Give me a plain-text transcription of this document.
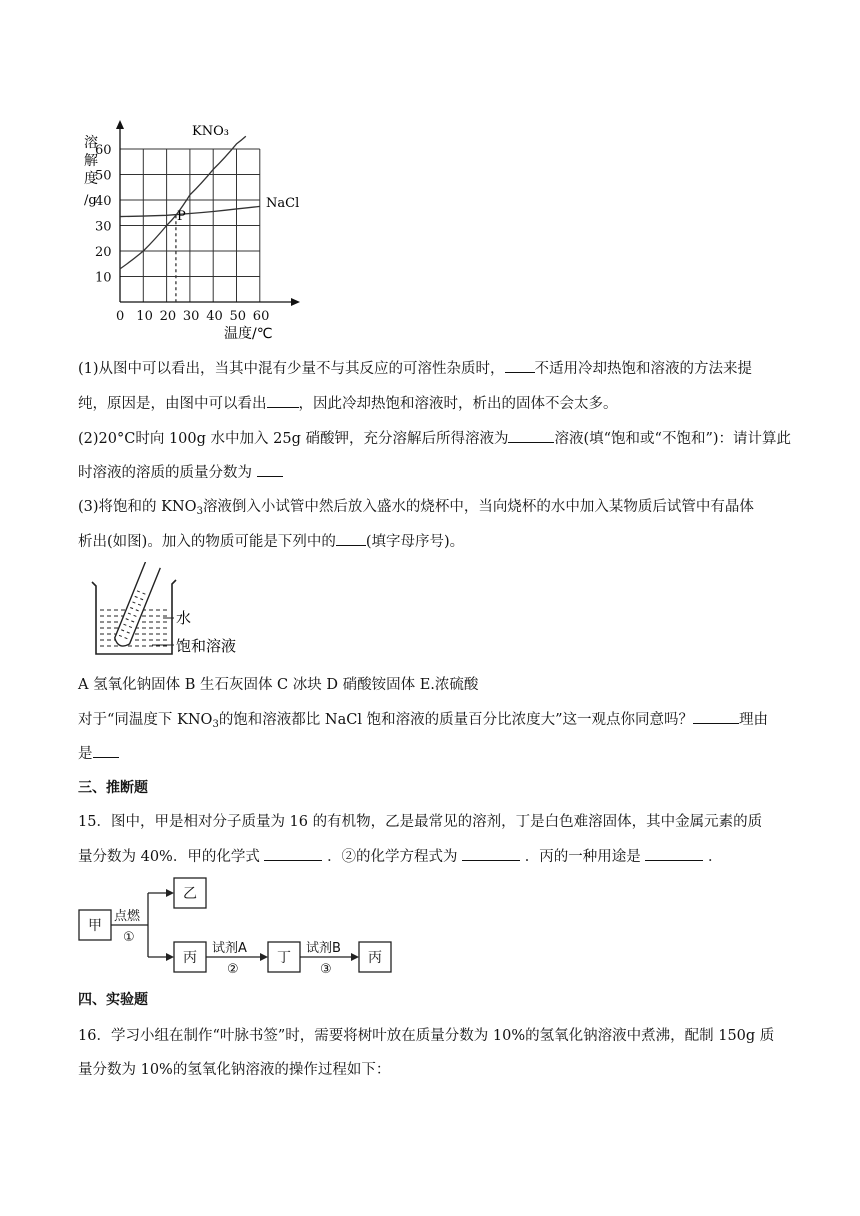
0 10 20 30 40 50 60
10
20
30
40
50
60
溶
解
度
/g
KNO₃
NaCl
P
温度/℃
(1)从图中可以看出，当其中混有少量不与其反应的可溶性杂质时， 不适用冷却热饱和溶液的方法来提
纯，原因是，由图中可以看出 ，因此冷却热饱和溶液时，析出的固体不会太多。
(2)20°C时向 100g 水中加入 25g 硝酸钾，充分溶解后所得溶液为	溶液(填“饱和或“不饱和”)：请计算此
时溶液的溶质的质量分数为
(3)将饱和的 $KNO_3$溶液倒入小试管中然后放入盛水的烧杯中，当向烧杯的水中加入某物质后试管中有晶体
析出(如图)。加入的物质可能是下列中的 (填字母序号)。
水
饱和溶液
A 氢氧化钠固体 B 生石灰固体 C 冰块 D 硝酸铵固体 E.浓硫酸
对于“同温度下 $KNO_3$的饱和溶液都比 NaCl 饱和溶液的质量百分比浓度大”这一观点你同意吗？	理由
是
三、推断题
15．图中，甲是相对分子质量为 16 的有机物，乙是最常见的溶剂，丁是白色难溶固体，其中金属元素的质
量分数为 40%．甲的化学式	．②的化学方程式为	．丙的一种用途是	．
甲
乙
丙	丁	丙
点燃
①
试剂A
②
试剂B
③
四、实验题
16．学习小组在制作“叶脉书签”时，需要将树叶放在质量分数为 10%的氢氧化钠溶液中煮沸，配制 150g 质
量分数为 10%的氢氧化钠溶液的操作过程如下：
